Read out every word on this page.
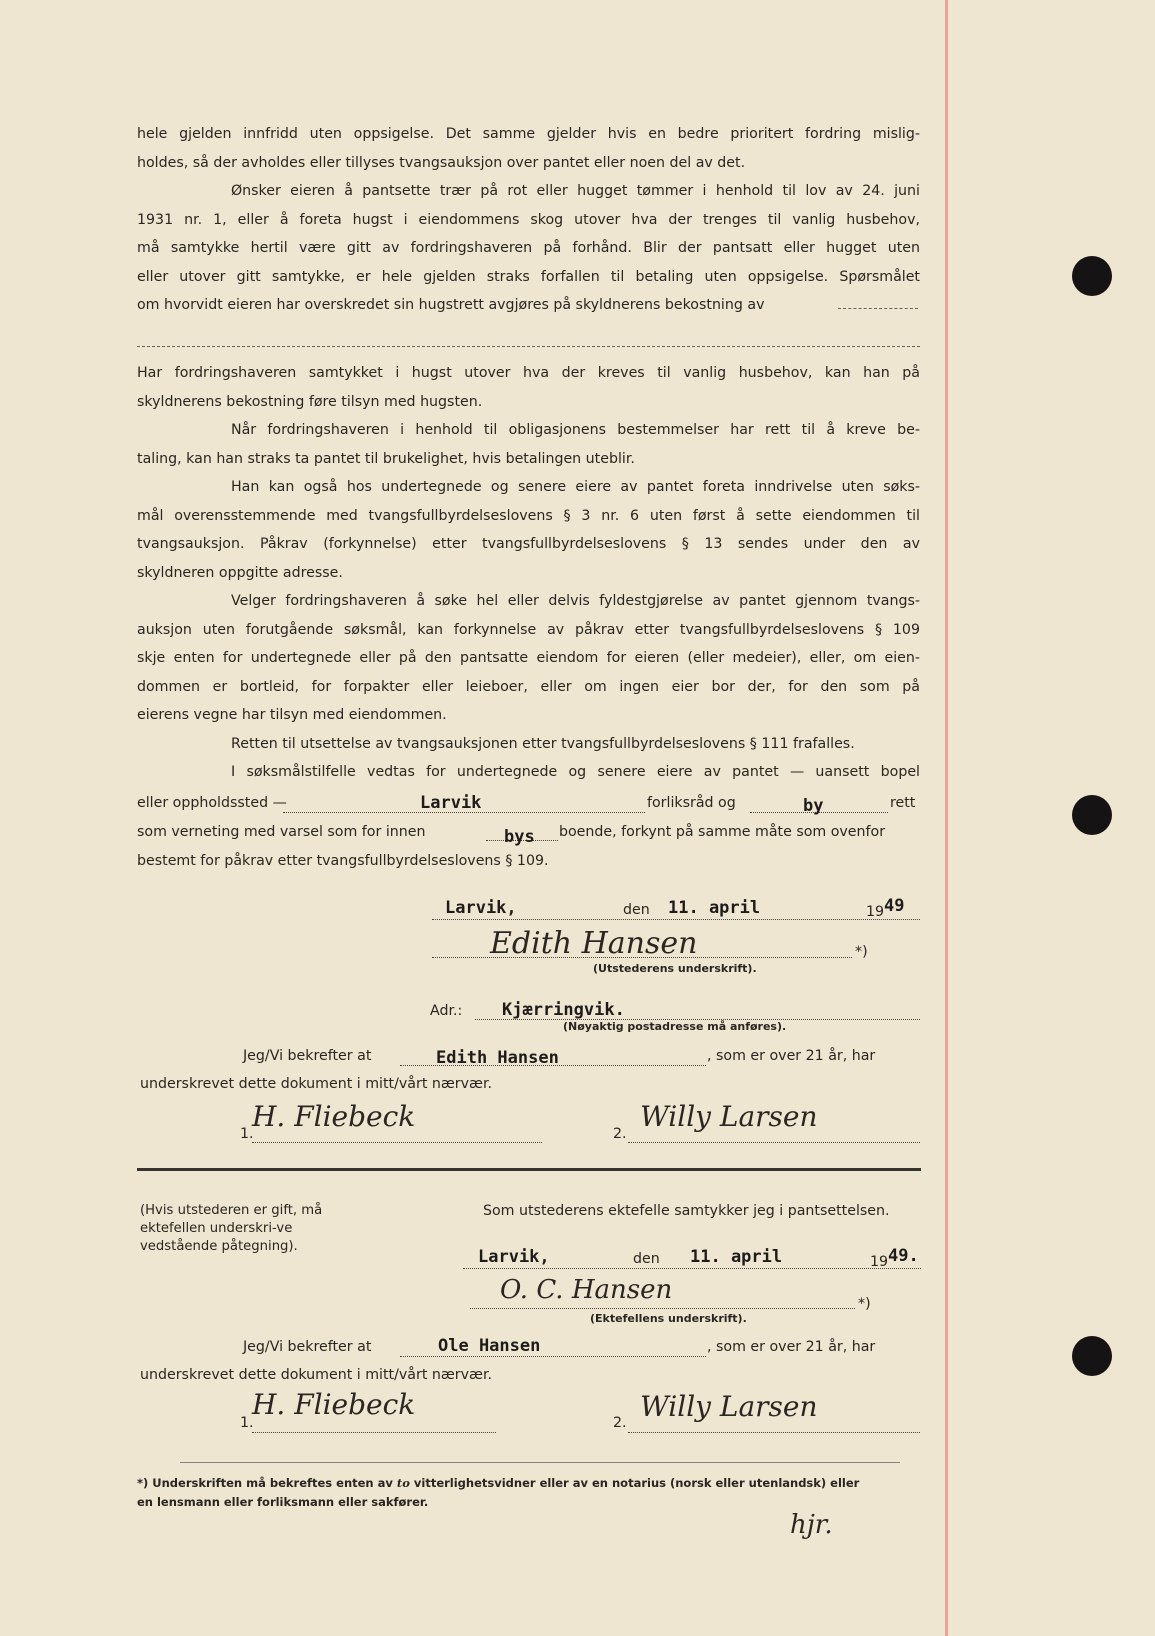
hele gjelden innfridd uten oppsigelse. Det samme gjelder hvis en bedre prioritert fordring mislig-

holdes, så der avholdes eller tillyses tvangsauksjon over pantet eller noen del av det.

Ønsker eieren å pantsette trær på rot eller hugget tømmer i henhold til lov av 24. juni

1931 nr. 1, eller å foreta hugst i eiendommens skog utover hva der trenges til vanlig husbehov,

må samtykke hertil være gitt av fordringshaveren på forhånd. Blir der pantsatt eller hugget uten

eller utover gitt samtykke, er hele gjelden straks forfallen til betaling uten oppsigelse. Spørsmålet

om hvorvidt eieren har overskredet sin hugstrett avgjøres på skyldnerens bekostning av

Har fordringshaveren samtykket i hugst utover hva der kreves til vanlig husbehov, kan han på

skyldnerens bekostning føre tilsyn med hugsten.

Når fordringshaveren i henhold til obligasjonens bestemmelser har rett til å kreve be-

taling, kan han straks ta pantet til brukelighet, hvis betalingen uteblir.

Han kan også hos undertegnede og senere eiere av pantet foreta inndrivelse uten søks-

mål overensstemmende med tvangsfullbyrdelseslovens § 3 nr. 6 uten først å sette eiendommen til

tvangsauksjon. Påkrav (forkynnelse) etter tvangsfullbyrdelseslovens § 13 sendes under den av

skyldneren oppgitte adresse.

Velger fordringshaveren å søke hel eller delvis fyldestgjørelse av pantet gjennom tvangs-

auksjon uten forutgående søksmål, kan forkynnelse av påkrav etter tvangsfullbyrdelseslovens § 109

skje enten for undertegnede eller på den pantsatte eiendom for eieren (eller medeier), eller, om eien-

dommen er bortleid, for forpakter eller leieboer, eller om ingen eier bor der, for den som på

eierens vegne har tilsyn med eiendommen.

Retten til utsettelse av tvangsauksjonen etter tvangsfullbyrdelseslovens § 111 frafalles.

I søksmålstilfelle vedtas for undertegnede og senere eiere av pantet — uansett bopel

eller oppholdssted —	Larvik	forliksråd og	by	rett
som verneting med varsel som for innen	bys boende, forkynt på samme måte som ovenfor
bestemt for påkrav etter tvangsfullbyrdelseslovens § 109.
Larvik,	den 11. april	19 49
Edith Hansen	*)
(Utstederens underskrift).
Adr.: Kjærringvik.
(Nøyaktig postadresse må anføres).
Jeg/Vi bekrefter at	Edith Hansen	, som er over 21 år, har
underskrevet dette dokument i mitt/vårt nærvær.
1.
H. Fliebeck
2.
Willy Larsen
(Hvis utstederen er gift, må ektefellen underskri-ve vedstående påtegning).
Som utstederens ektefelle samtykker jeg i pantsettelsen.
Larvik,	den 11. april	19 49.
O. C. Hansen	*)
(Ektefellens underskrift).
Jeg/Vi bekrefter at	Ole Hansen	, som er over 21 år, har
underskrevet dette dokument i mitt/vårt nærvær.
1.
H. Fliebeck
2. Willy Larsen
*) Underskriften må bekreftes enten av to vitterlighetsvidner eller av en notarius (norsk eller utenlandsk) eller
en lensmann eller forliksmann eller sakfører.
hjr.
